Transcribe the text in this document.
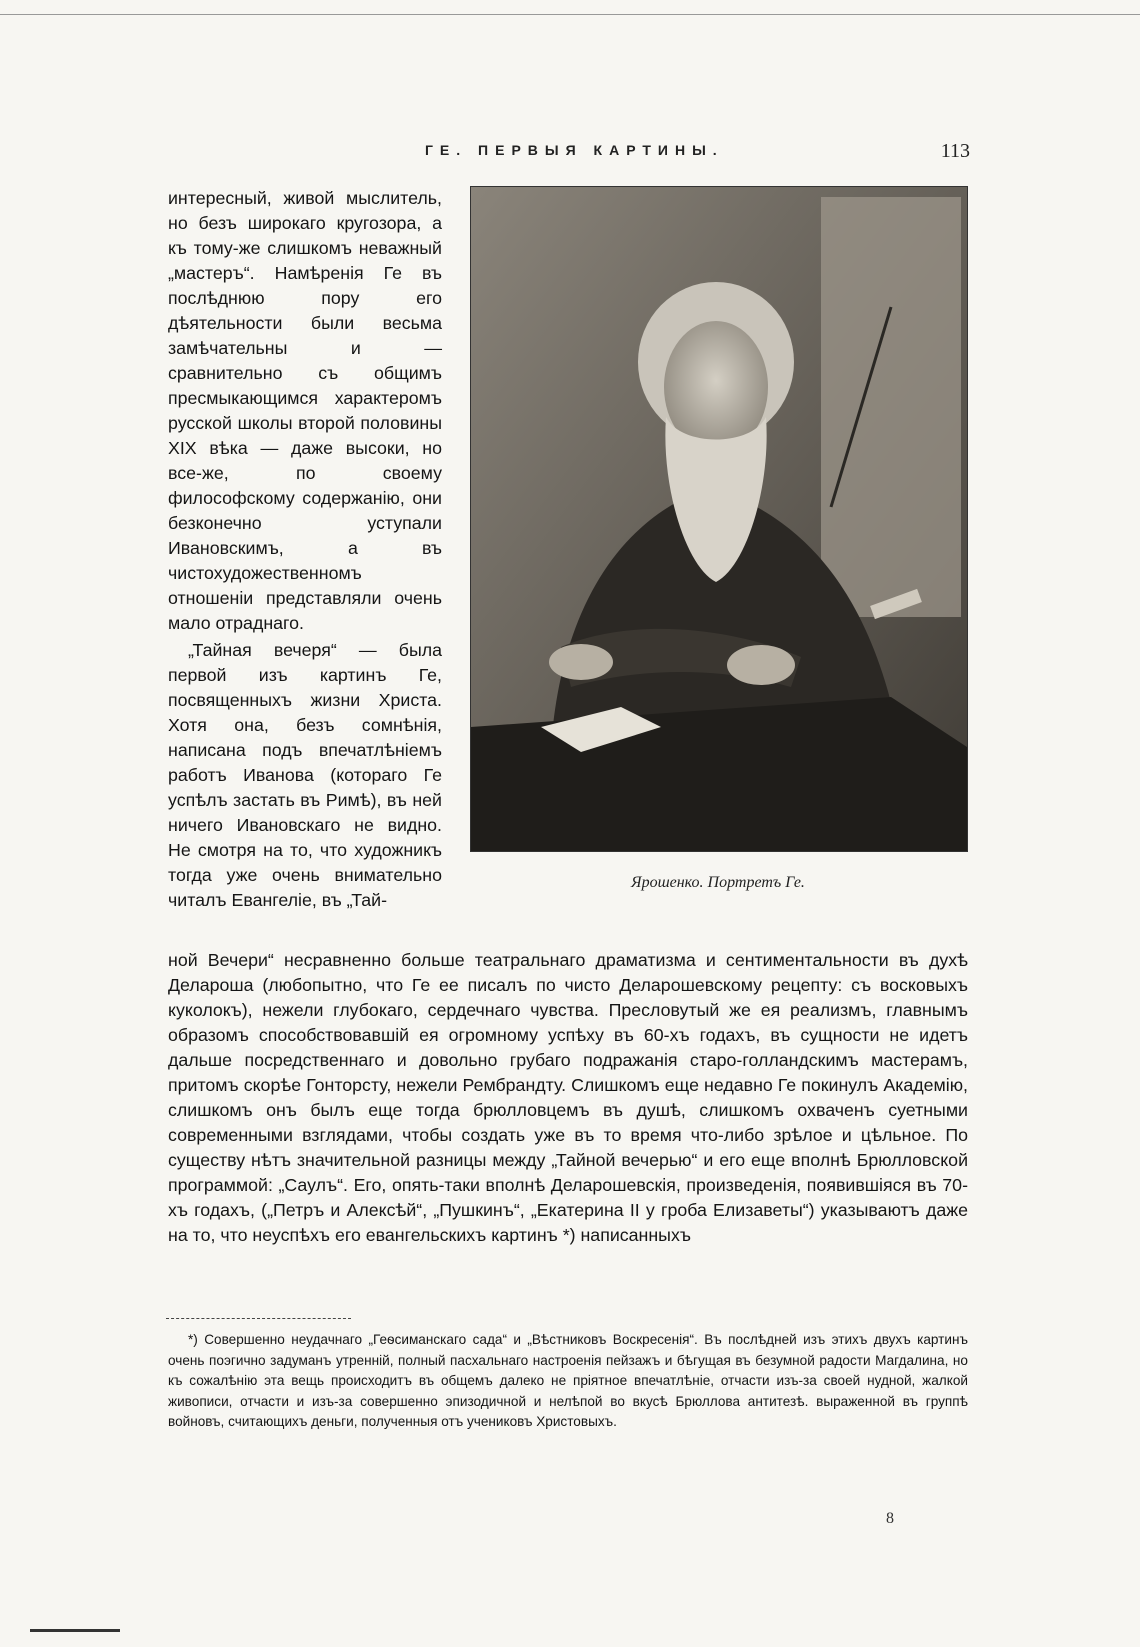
ГЕ. ПЕРВЫЯ КАРТИНЫ.	113

интересный, живой мыслитель, но безъ широкаго кругозора, а къ тому-же слишкомъ неважный „мастеръ“. Намѣренія Ге въ послѣднюю пору его дѣятельности были весьма замѣчательны и — сравнительно съ общимъ пресмыкающимся характеромъ русской школы второй половины XIX вѣка — даже высоки, но все-же, по своему философскому содержанію, они безконечно уступали Ивановскимъ, а въ чистохудожественномъ отношеніи представляли очень мало отраднаго.

„Тайная вечеря“ — была первой изъ картинъ Ге, посвященныхъ жизни Христа. Хотя она, безъ сомнѣнія, написана подъ впечатлѣніемъ работъ Иванова (котораго Ге успѣлъ застать въ Римѣ), въ ней ничего Ивановскаго не видно. Не смотря на то, что художникъ тогда уже очень внимательно читалъ Евангеліе, въ „Тай-

ной Вечери“ несравненно больше театральнаго драматизма и сентиментальности въ духѣ Делароша (любопытно, что Ге ее писалъ по чисто Деларошевскому рецепту: съ восковыхъ куколокъ), нежели глубокаго, сердечнаго чувства. Пресловутый же ея реализмъ, главнымъ образомъ способствовавшій ея огромному успѣху въ 60-хъ годахъ, въ сущности не идетъ дальше посредственнаго и довольно грубаго подражанія старо-голландскимъ мастерамъ, притомъ скорѣе Гонторсту, нежели Рембрандту. Слишкомъ еще недавно Ге покинулъ Академію, слишкомъ онъ былъ еще тогда брюлловцемъ въ душѣ, слишкомъ охваченъ суетными современными взглядами, чтобы создать уже въ то время что-либо зрѣлое и цѣльное. По существу нѣтъ значительной разницы между „Тайной вечерью“ и его еще вполнѣ Брюлловской программой: „Саулъ“. Его, опять-таки вполнѣ Деларошевскія, произведенія, появившіяся въ 70-хъ годахъ, („Петръ и Алексѣй“, „Пушкинъ“, „Екатерина II у гроба Елизаветы“) указываютъ даже на то, что неуспѣхъ его евангельскихъ картинъ *) написанныхъ

Ярошенко. Портретъ Ге.

*) Совершенно неудачнаго „Геѳсиманскаго сада“ и „Вѣстниковъ Воскресенія“. Въ послѣдней изъ этихъ двухъ картинъ очень поэгично задуманъ утренній, полный пасхальнаго настроенія пейзажъ и бѣгущая въ безумной радости Магдалина, но къ сожалѣнію эта вещь происходитъ въ общемъ далеко не пріятное впечатлѣніе, отчасти изъ-за своей нудной, жалкой живописи, отчасти и изъ-за совершенно эпизодичной и нелѣпой во вкусѣ Брюллова антитезѣ. выраженной въ группѣ войновъ, считающихъ деньги, полученныя отъ учениковъ Христовыхъ.

8
